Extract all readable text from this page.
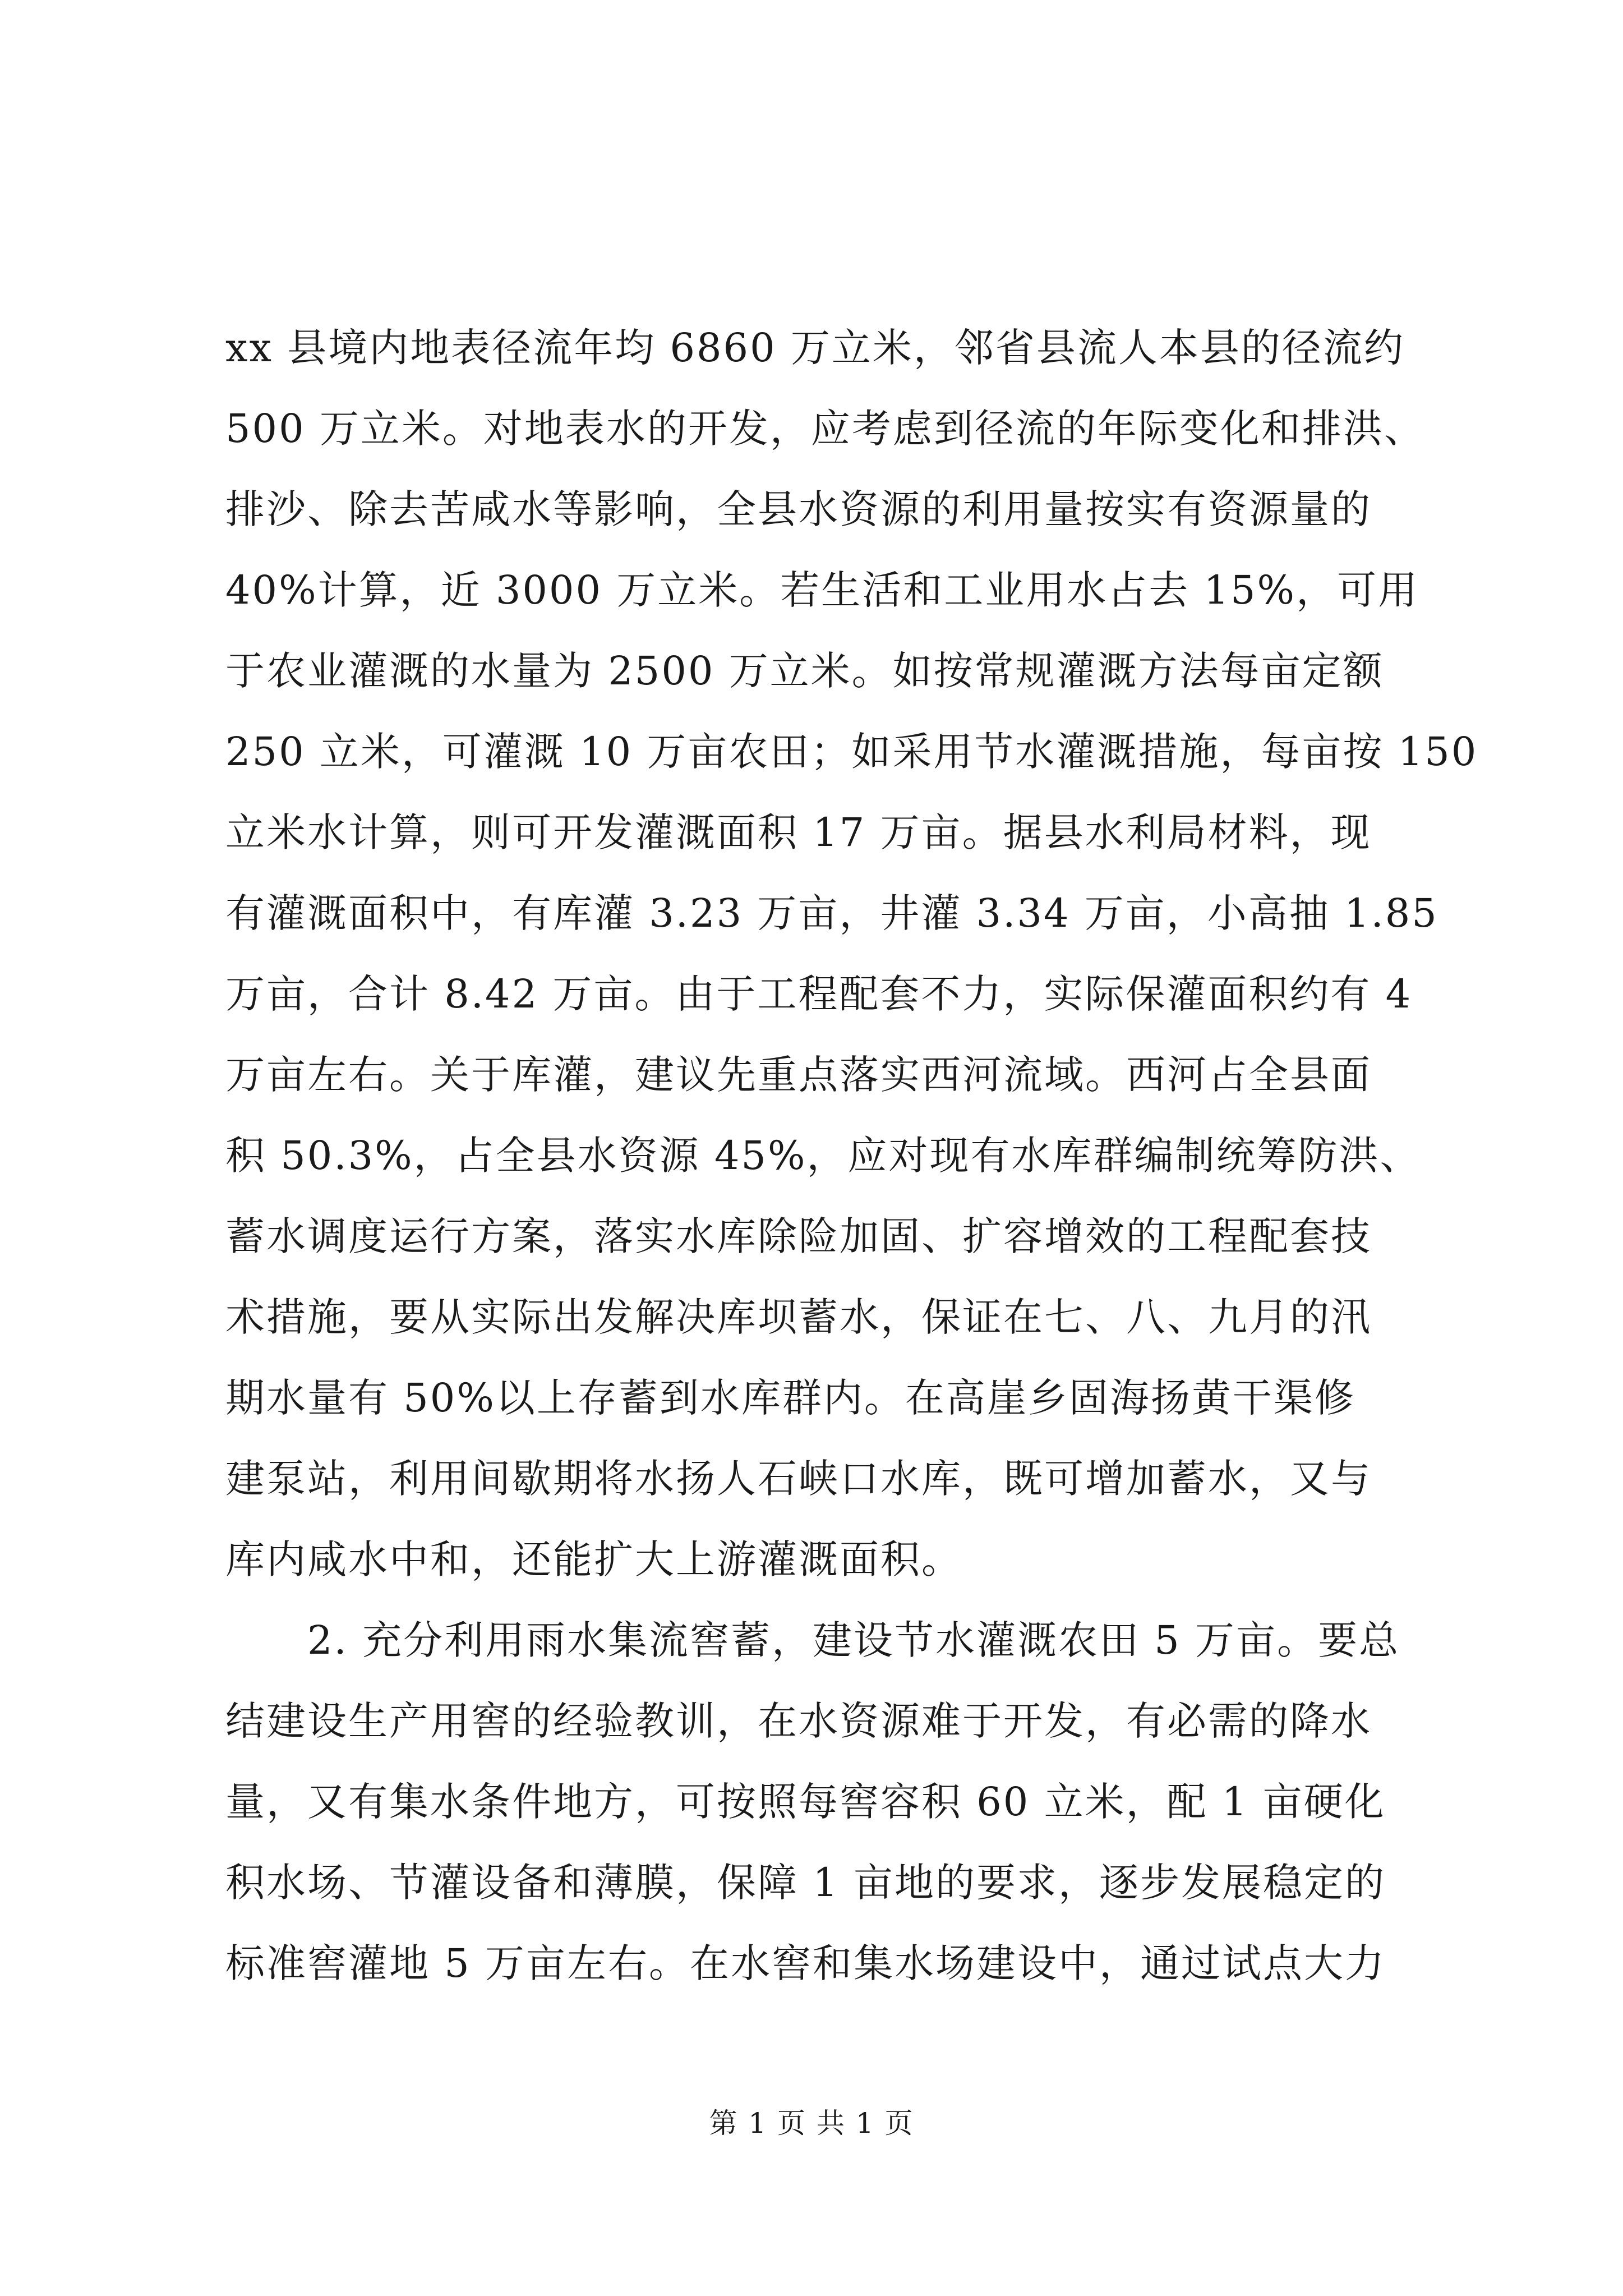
xx 县境内地表径流年均 6860 万立米，邻省县流人本县的径流约
500 万立米。对地表水的开发，应考虑到径流的年际变化和排洪、
排沙、除去苦咸水等影响，全县水资源的利用量按实有资源量的
40%计算，近 3000 万立米。若生活和工业用水占去 15%，可用
于农业灌溉的水量为 2500 万立米。如按常规灌溉方法每亩定额
250 立米，可灌溉 10 万亩农田；如采用节水灌溉措施，每亩按 150
立米水计算，则可开发灌溉面积 17 万亩。据县水利局材料，现
有灌溉面积中，有库灌 3.23 万亩，井灌 3.34 万亩，小高抽 1.85
万亩，合计 8.42 万亩。由于工程配套不力，实际保灌面积约有 4
万亩左右。关于库灌，建议先重点落实西河流域。西河占全县面
积 50.3%，占全县水资源 45%，应对现有水库群编制统筹防洪、
蓄水调度运行方案，落实水库除险加固、扩容增效的工程配套技
术措施，要从实际出发解决库坝蓄水，保证在七、八、九月的汛
期水量有 50%以上存蓄到水库群内。在高崖乡固海扬黄干渠修
建泵站，利用间歇期将水扬人石峡口水库，既可增加蓄水，又与
库内咸水中和，还能扩大上游灌溉面积。
　　2. 充分利用雨水集流窖蓄，建设节水灌溉农田 5 万亩。要总
结建设生产用窖的经验教训，在水资源难于开发，有必需的降水
量，又有集水条件地方，可按照每窖容积 60 立米，配 1 亩硬化
积水场、节灌设备和薄膜，保障 1 亩地的要求，逐步发展稳定的
标准窖灌地 5 万亩左右。在水窖和集水场建设中，通过试点大力
第 1 页 共 1 页
